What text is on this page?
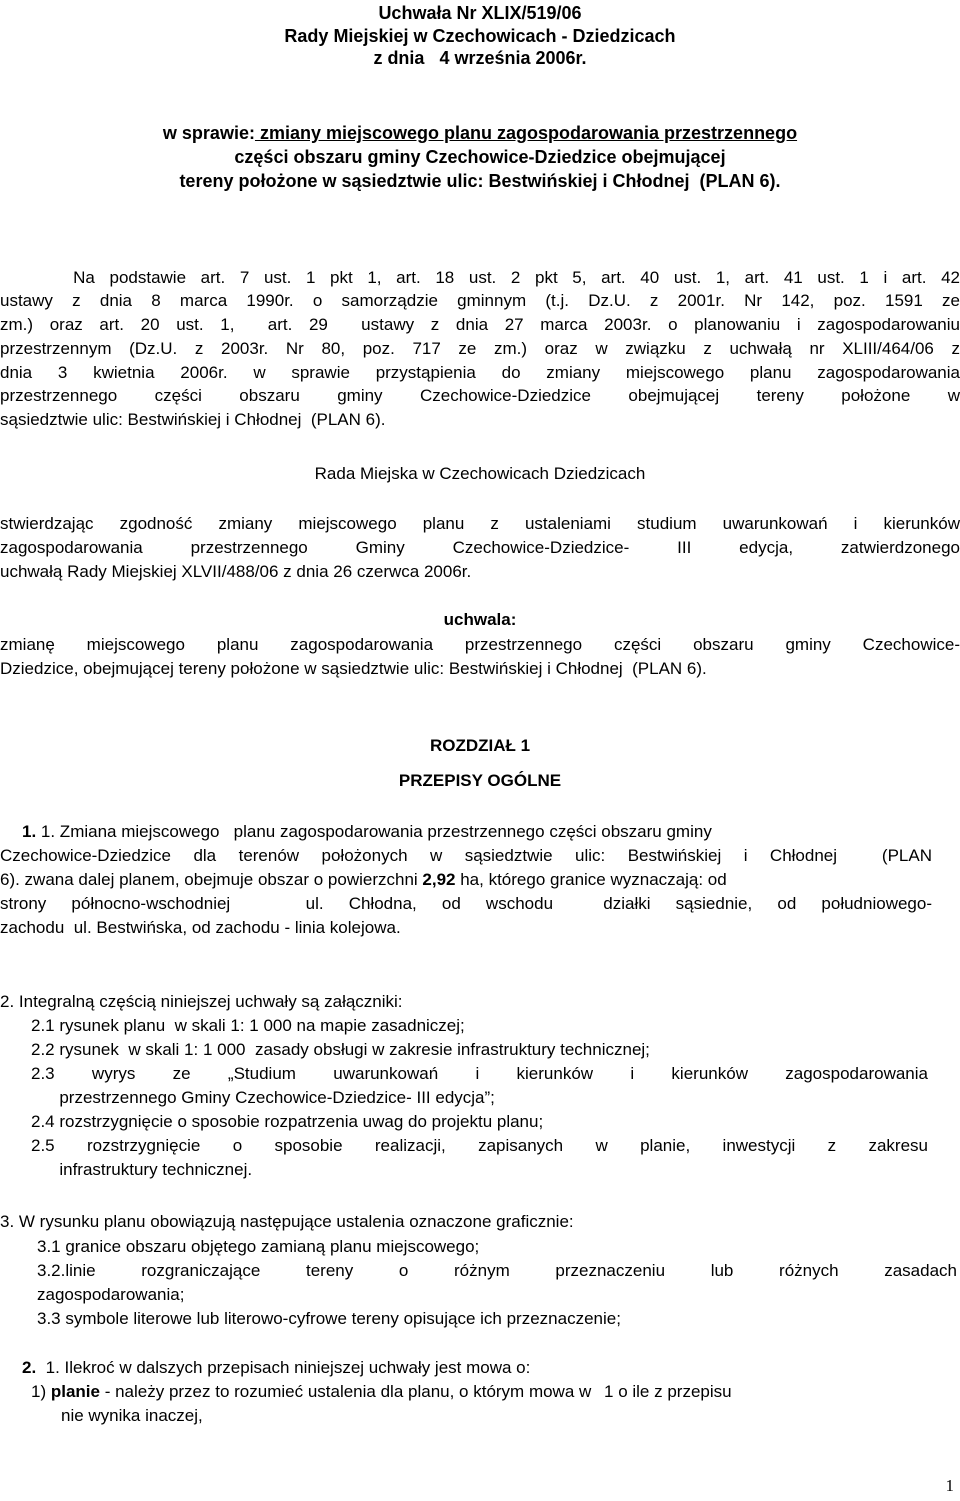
Uchwała Nr XLIX/519/06
Rady Miejskiej w Czechowicach - Dziedzicach
z dnia   4 września 2006r.
w sprawie: zmiany miejscowego planu zagospodarowania przestrzennego
części obszaru gminy Czechowice-Dziedzice obejmującej
tereny położone w sąsiedztwie ulic: Bestwińskiej i Chłodnej  (PLAN 6).
Na podstawie art. 7 ust. 1 pkt 1, art. 18 ust. 2 pkt 5, art. 40 ust. 1, art. 41 ust. 1 i art. 42
ustawy z dnia 8 marca 1990r. o samorządzie gminnym (t.j. Dz.U. z 2001r. Nr 142, poz. 1591 ze
zm.) oraz art. 20 ust. 1,  art. 29  ustawy z dnia 27 marca 2003r. o planowaniu i zagospodarowaniu
przestrzennym (Dz.U. z 2003r. Nr 80, poz. 717 ze zm.) oraz w związku z uchwałą nr XLIII/464/06 z
dnia 3 kwietnia 2006r. w sprawie przystąpienia do zmiany miejscowego planu zagospodarowania
przestrzennego części obszaru gminy Czechowice-Dziedzice obejmującej tereny położone w
sąsiedztwie ulic: Bestwińskiej i Chłodnej  (PLAN 6).
Rada Miejska w Czechowicach Dziedzicach
stwierdzając zgodność zmiany miejscowego planu z ustaleniami studium uwarunkowań i kierunków
zagospodarowania przestrzennego Gminy Czechowice-Dziedzice- III edycja, zatwierdzonego
uchwałą Rady Miejskiej XLVII/488/06 z dnia 26 czerwca 2006r.
uchwala:
zmianę miejscowego planu zagospodarowania przestrzennego części obszaru gminy Czechowice-
Dziedzice, obejmującej tereny położone w sąsiedztwie ulic: Bestwińskiej i Chłodnej  (PLAN 6).
ROZDZIAŁ 1
PRZEPISY OGÓLNE
1. 1. Zmiana miejscowego   planu zagospodarowania przestrzennego części obszaru gminy
Czechowice-Dziedzice dla terenów położonych w sąsiedztwie ulic: Bestwińskiej i Chłodnej  (PLAN
6). zwana dalej planem, obejmuje obszar o powierzchni 2,92 ha, którego granice wyznaczają: od
strony północno-wschodniej   ul. Chłodna, od wschodu  działki sąsiednie, od południowego-
zachodu  ul. Bestwińska, od zachodu - linia kolejowa.
2. Integralną częścią niniejszej uchwały są załączniki:
2.1 rysunek planu  w skali 1: 1 000 na mapie zasadniczej;
2.2 rysunek  w skali 1: 1 000  zasady obsługi w zakresie infrastruktury technicznej;
2.3  wyrys  ze  „Studium  uwarunkowań  i  kierunków  i  kierunków  zagospodarowania
przestrzennego Gminy Czechowice-Dziedzice- III edycja”;
2.4 rozstrzygnięcie o sposobie rozpatrzenia uwag do projektu planu;
2.5  rozstrzygnięcie  o  sposobie  realizacji,  zapisanych  w  planie,  inwestycji  z  zakresu
infrastruktury technicznej.
3. W rysunku planu obowiązują następujące ustalenia oznaczone graficznie:
3.1 granice obszaru objętego zamianą planu miejscowego;
3.2.linie   rozgraniczające   tereny   o   różnym   przeznaczeniu   lub   różnych   zasadach
zagospodarowania;
3.3 symbole literowe lub literowo-cyfrowe tereny opisujące ich przeznaczenie;
2.  1. Ilekroć w dalszych przepisach niniejszej uchwały jest mowa o:
1) planie - należy przez to rozumieć ustalenia dla planu, o którym mowa w 1 o ile z przepisu
nie wynika inaczej,
1
